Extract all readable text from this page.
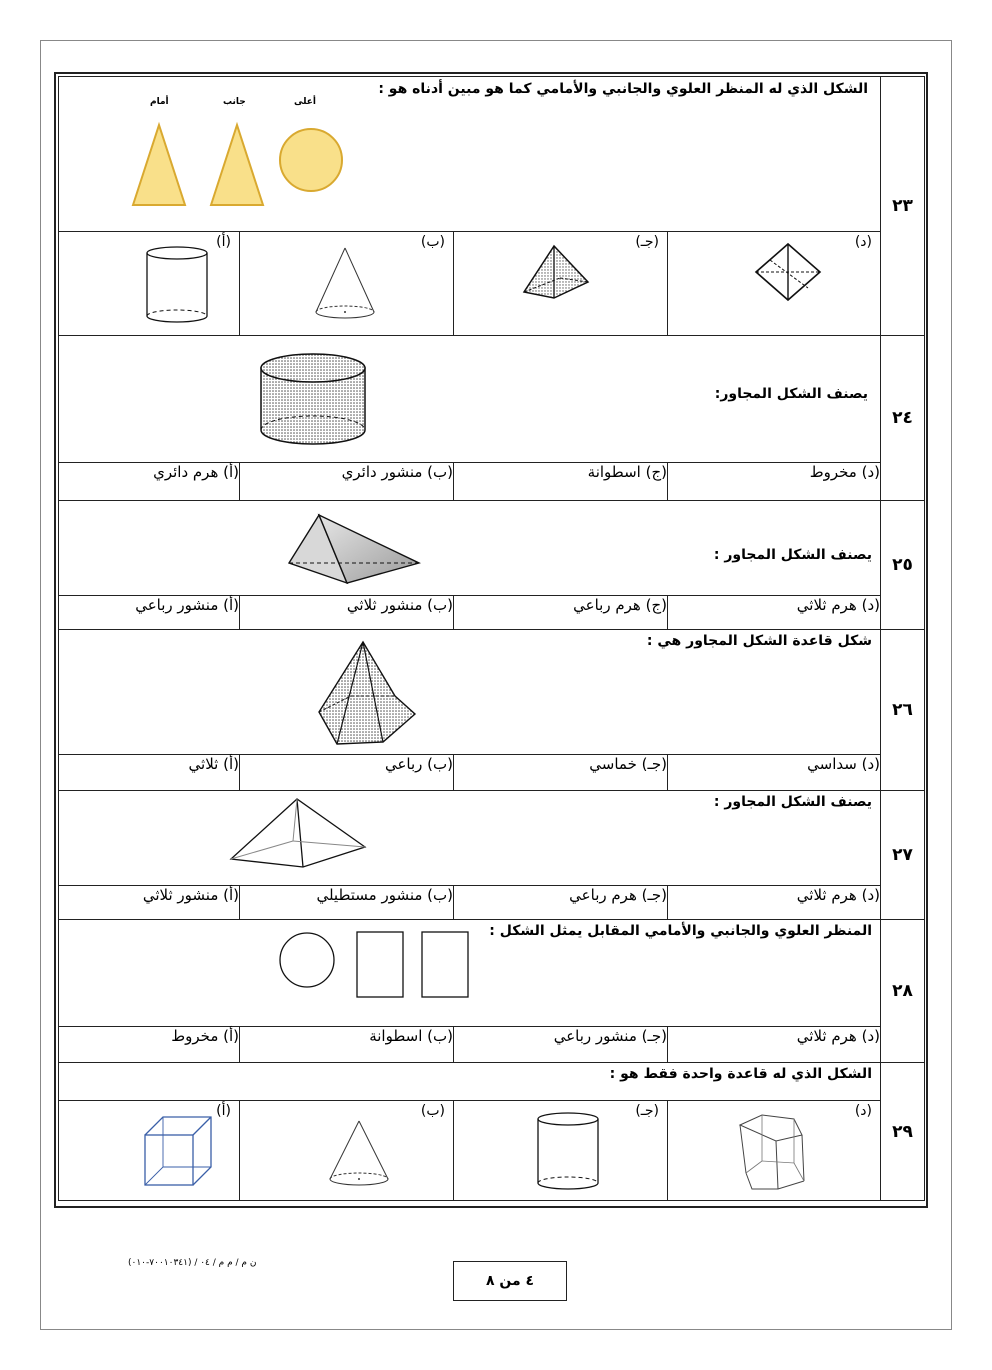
٢٣	الشكل الذي له المنظر العلوي والجانبي والأمامي كما هو مبين أدناه هو :
أعلى
جانب
أمام			

	(د)	(جـ)	(ب)	(أ)

٢٤	يصنف الشكل المجاور:			

	(د) مخروط	(ج) اسطوانة	(ب) منشور دائري	(أ) هرم دائري
٢٥	يصنف الشكل المجاور :			

	(د) هرم ثلاثي	(ج) هرم رباعي	(ب) منشور ثلاثي	(أ) منشور رباعي
٢٦	شكل قاعدة الشكل المجاور هي :			

	(د) سداسي	(جـ) خماسي	(ب) رباعي	(أ) ثلاثي
٢٧	يصنف الشكل المجاور :			

	(د) هرم ثلاثي	(جـ) هرم رباعي	(ب) منشور مستطيلي	(أ) منشور ثلاثي
٢٨	المنظر العلوي والجانبي والأمامي المقابل يمثل الشكل :			

	(د) هرم ثلاثي	(جـ) منشور رباعي	(ب) اسطوانة	(أ) مخروط
٢٩	الشكل الذي له قاعدة واحدة فقط هو :			

	(د)	(جـ)	(ب)	(أ)
ن م / م م / ٠٤ / (٧٠٠١٠٣٤١-٠١٠)
٤ من ٨
